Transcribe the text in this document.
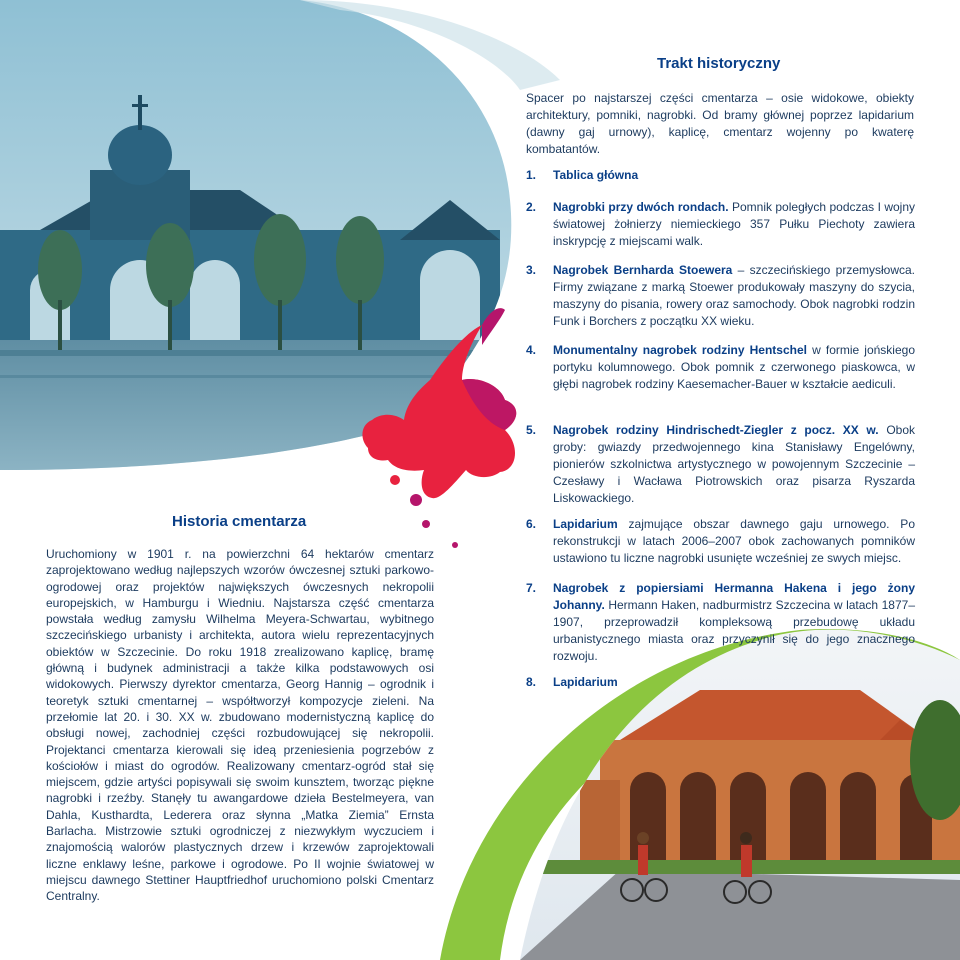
Trakt historyczny
Spacer po najstarszej części cmentarza – osie widokowe, obiekty architektury, pomniki, nagrobki. Od bramy głównej poprzez lapidarium (dawny gaj urnowy), kaplicę, cmentarz wojenny po kwaterę kombatantów.
1. Tablica główna
2. Nagrobki przy dwóch rondach. Pomnik poległych podczas I wojny światowej żołnierzy niemieckiego 357 Pułku Piechoty zawiera inskrypcję z miejscami walk.
3. Nagrobek Bernharda Stoewera – szczecińskiego przemysłowca. Firmy związane z marką Stoewer produkowały maszyny do szycia, maszyny do pisania, rowery oraz samochody. Obok nagrobki rodzin Funk i Borchers z początku XX wieku.
4. Monumentalny nagrobek rodziny Hentschel w formie jońskiego portyku kolumnowego. Obok pomnik z czerwonego piaskowca, w głębi nagrobek rodziny Kaesemacher-Bauer w kształcie aediculi.
5. Nagrobek rodziny Hindrischedt-Ziegler z pocz. XX w. Obok groby: gwiazdy przedwojennego kina Stanisławy Engelówny, pionierów szkolnictwa artystycznego w powojennym Szczecinie – Czesławy i Wacława Piotrowskich oraz pisarza Ryszarda Liskowackiego.
6. Lapidarium zajmujące obszar dawnego gaju urnowego. Po rekonstrukcji w latach 2006–2007 obok zachowanych pomników ustawiono tu liczne nagrobki usunięte wcześniej ze swych miejsc.
7. Nagrobek z popiersiami Hermanna Hakena i jego żony Johanny. Hermann Haken, nadburmistrz Szczecina w latach 1877–1907, przeprowadził kompleksową przebudowę układu urbanistycznego miasta oraz przyczynił się do jego znacznego rozwoju.
8. Lapidarium
Historia cmentarza
Uruchomiony w 1901 r. na powierzchni 64 hektarów cmentarz zaprojektowano według najlepszych wzorów ówczesnej sztuki parkowo-ogrodowej oraz projektów największych ówczesnych nekropolii europejskich, w Hamburgu i Wiedniu. Najstarsza część cmentarza powstała według zamysłu Wilhelma Meyera-Schwartau, wybitnego szczecińskiego urbanisty i architekta, autora wielu reprezentacyjnych obiektów w Szczecinie. Do roku 1918 zrealizowano kaplicę, bramę główną i budynek administracji a także kilka podstawowych osi widokowych. Pierwszy dyrektor cmentarza, Georg Hannig – ogrodnik i teoretyk sztuki cmentarnej – współtworzył kompozycje zieleni. Na przełomie lat 20. i 30. XX w. zbudowano modernistyczną kaplicę do obsługi nowej, zachodniej części rozbudowującej się nekropolii. Projektanci cmentarza kierowali się ideą przeniesienia pogrzebów z kościołów i miast do ogrodów. Realizowany cmentarz-ogród stał się miejscem, gdzie artyści popisywali się swoim kunsztem, tworząc piękne nagrobki i rzeźby. Stanęły tu awangardowe dzieła Bestelmeyera, van Dahla, Kusthardta, Lederera oraz słynna „Matka Ziemia” Ernsta Barlacha. Mistrzowie sztuki ogrodniczej z niezwykłym wyczuciem i znajomością walorów plastycznych drzew i krzewów zaprojektowali liczne enklawy leśne, parkowe i ogrodowe. Po II wojnie światowej w miejscu dawnego Stettiner Hauptfriedhof uruchomiono polski Cmentarz Centralny.
